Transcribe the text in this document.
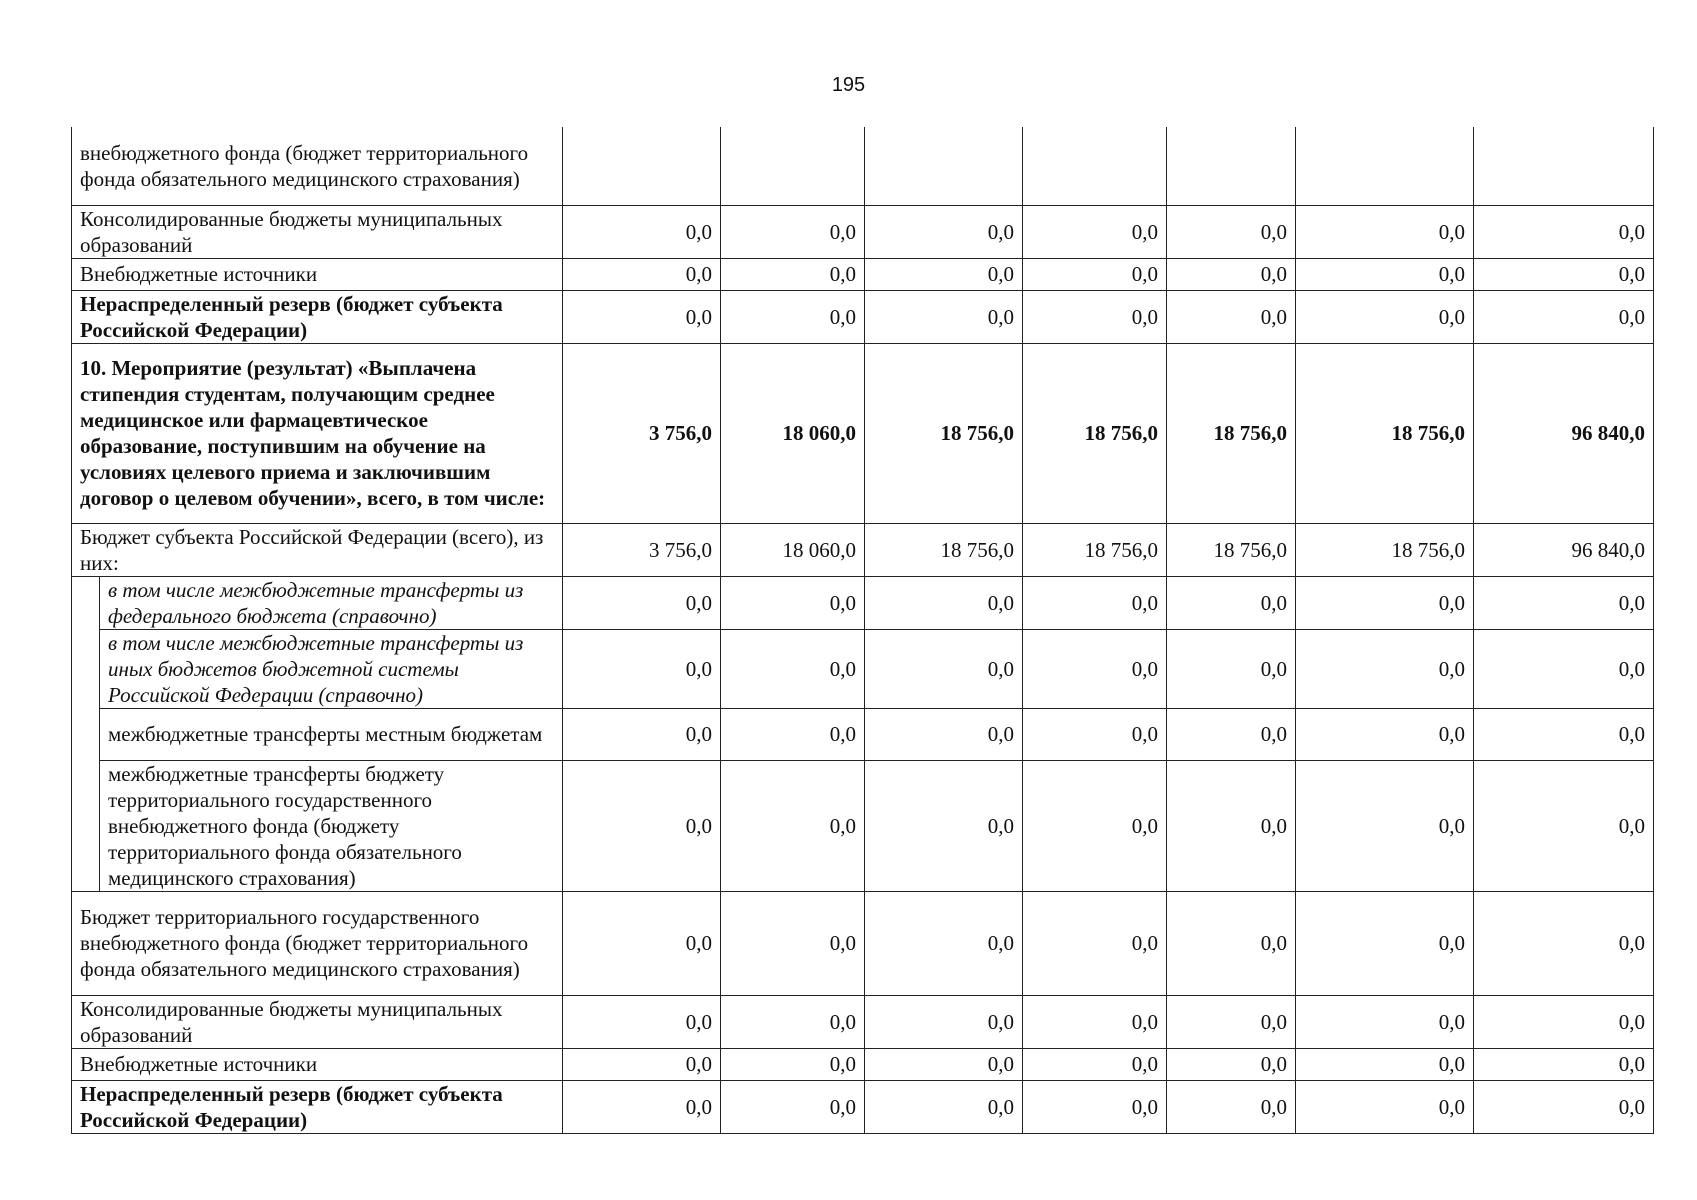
195
внебюджетного фонда (бюджет территориального фонда обязательного медицинского страхования)								
Консолидированные бюджеты муниципальных образований		0,0	0,0	0,0	0,0	0,0	0,0	0,0
Внебюджетные источники		0,0	0,0	0,0	0,0	0,0	0,0	0,0
Нераспределенный резерв (бюджет субъекта Российской Федерации)		0,0	0,0	0,0	0,0	0,0	0,0	0,0
10. Мероприятие (результат) «Выплачена стипендия студентам, получающим среднее медицинское или фармацевтическое образование, поступившим на обучение на условиях целевого приема и заключившим договор о целевом обучении», всего, в том числе:		3 756,0	18 060,0	18 756,0	18 756,0	18 756,0	18 756,0	96 840,0
Бюджет субъекта Российской Федерации (всего), из них:		3 756,0	18 060,0	18 756,0	18 756,0	18 756,0	18 756,0	96 840,0
	в том числе межбюджетные трансферты из федерального бюджета (справочно)	0,0	0,0	0,0	0,0	0,0	0,0	0,0
	в том числе межбюджетные трансферты из иных бюджетов бюджетной системы Российской Федерации (справочно)	0,0	0,0	0,0	0,0	0,0	0,0	0,0
	межбюджетные трансферты местным бюджетам	0,0	0,0	0,0	0,0	0,0	0,0	0,0
	межбюджетные трансферты бюджету территориального государственного внебюджетного фонда (бюджету территориального фонда обязательного медицинского страхования)	0,0	0,0	0,0	0,0	0,0	0,0	0,0
Бюджет территориального государственного внебюджетного фонда (бюджет территориального фонда обязательного медицинского страхования)		0,0	0,0	0,0	0,0	0,0	0,0	0,0
Консолидированные бюджеты муниципальных образований		0,0	0,0	0,0	0,0	0,0	0,0	0,0
Внебюджетные источники		0,0	0,0	0,0	0,0	0,0	0,0	0,0
Нераспределенный резерв (бюджет субъекта Российской Федерации)		0,0	0,0	0,0	0,0	0,0	0,0	0,0
